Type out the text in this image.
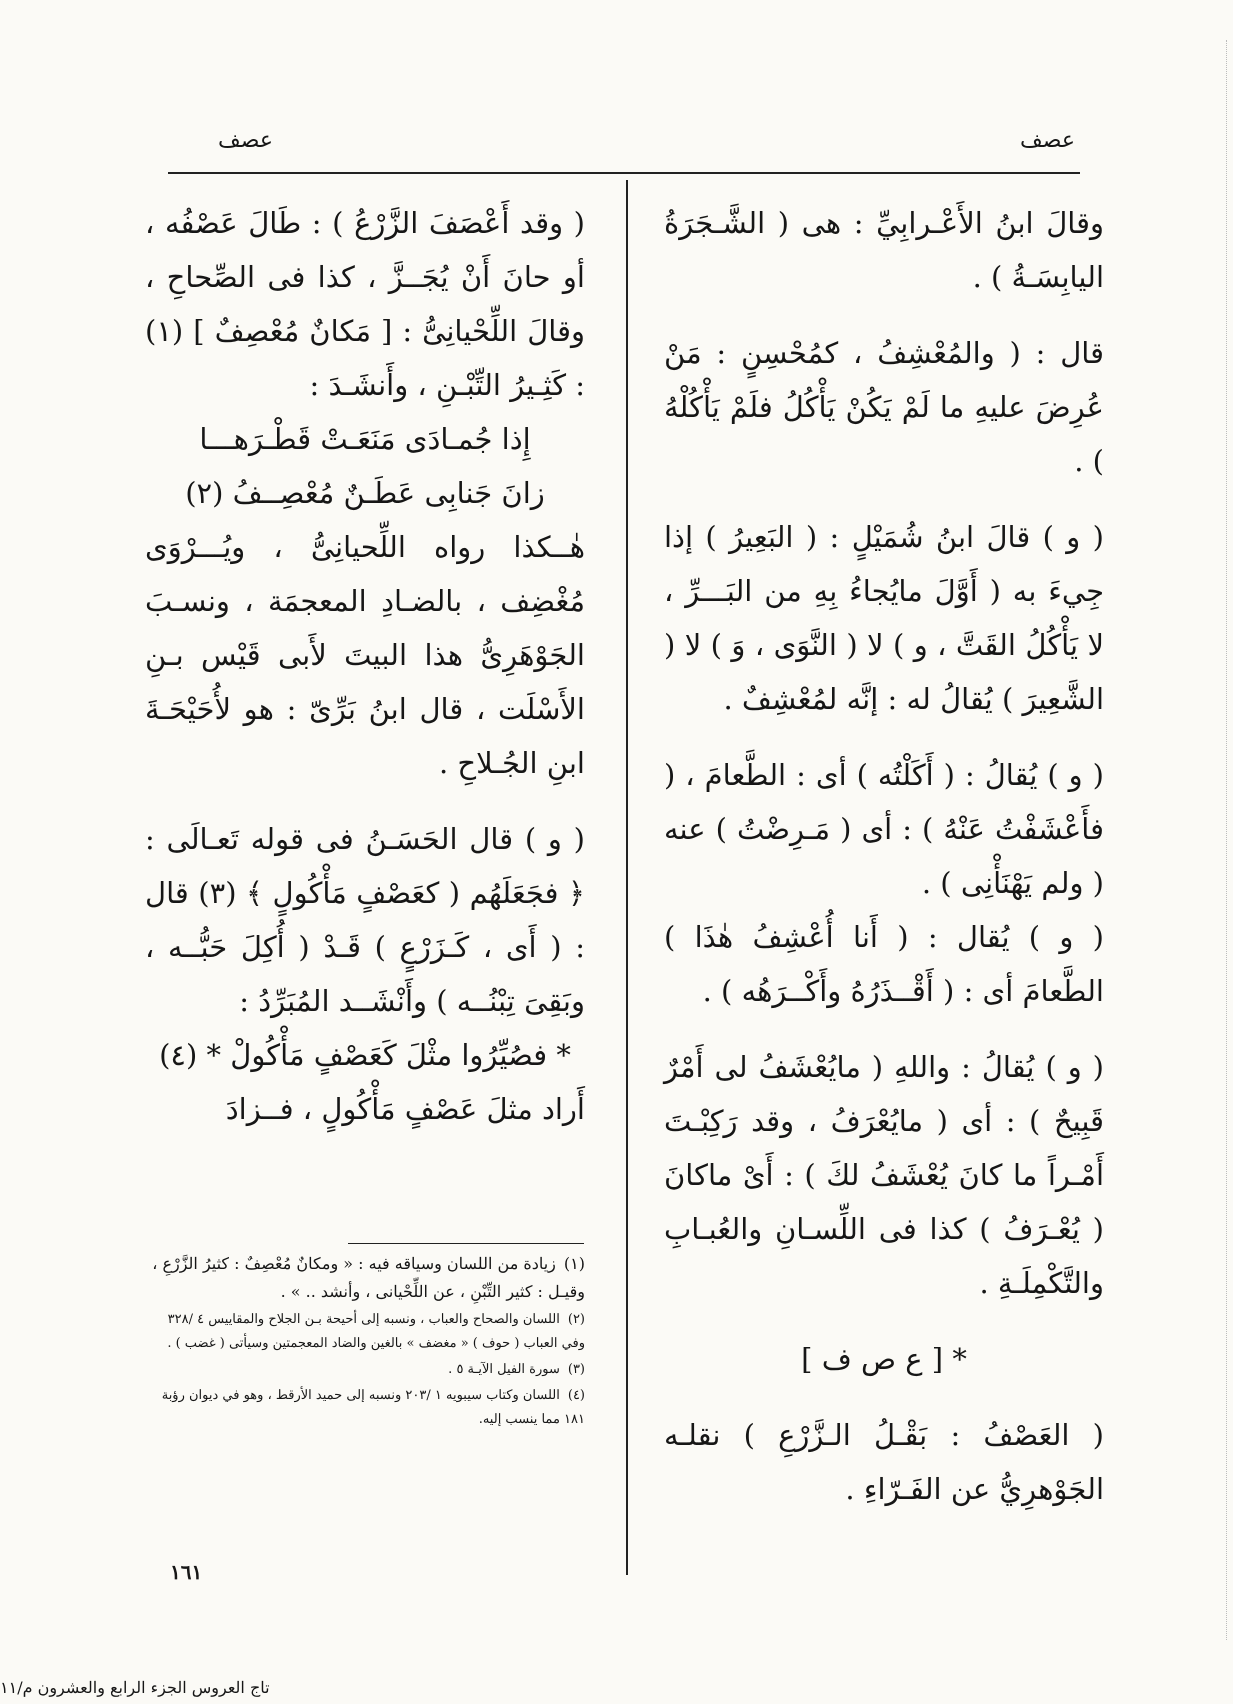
عصف
عصف

وقالَ ابنُ الأَعْـرابِيِّ : هى ( الشَّـجَرَةُ اليابِسَـةُ ) .

قال : ( والمُعْشِفُ ، كمُحْسِنٍ : مَنْ عُرِضَ عليهِ ما لَمْ يَكُنْ يَأْكُلُ فلَمْ يَأْكُلْهُ ) .

( و ) قالَ ابنُ شُمَيْلٍ : ( البَعِيرُ ) إذا جِيءَ به ( أَوَّلَ مايُجاءُ بِهِ من البَـــرِّ ، لا يَأْكُلُ القَتَّ ، و ) لا ( النَّوَى ، وَ ) لا ( الشَّعِيرَ ) يُقالُ له : إنَّه لمُعْشِفٌ .

( و ) يُقالُ : ( أَكَلْتُه ) أى : الطَّعامَ ، ( فأَعْشَفْتُ عَنْهُ ) : أى ( مَـرِضْتُ ) عنه ( ولم يَهْنَأْنِى ) .

( و ) يُقال : ( أَنا أُعْشِفُ هٰذَا ) الطَّعامَ أى : ( أَقْــذَرُهُ وأَكْــرَهُه ) .

( و ) يُقالُ : واللهِ ( مايُعْشَفُ لى أَمْرٌ قَبِيحٌ ) : أى ( مايُعْرَفُ ، وقد رَكِبْـتَ أَمْـراً ما كانَ يُعْشَفُ لكَ ) : أَىْ ماكانَ ( يُعْـرَفُ ) كذا فى اللِّسـانِ والعُبـابِ والتَّكْمِلَـةِ .

* [ ع ص ف ]

( العَصْفُ : بَقْـلُ الـزَّرْعِ ) نقلـه الجَوْهرِيُّ عن الفَـرّاءِ .

( وقد أَعْصَفَ الزَّرْعُ ) : طَالَ عَصْفُه ، أو حانَ أَنْ يُجَــزَّ ، كذا فى الصِّحاحِ ، وقالَ اللِّحْيانِىُّ : [ مَكانٌ مُعْصِفٌ ] (١) : كَثِـيرُ التِّبْـنِ ، وأَنشَـدَ :

إِذا جُمـادَى مَنَعَـتْ قَطْـرَهـــا

زانَ جَنابِى عَطَـنٌ مُعْصِــفُ (٢)

هٰــكذا رواه اللِّحيانِىُّ ، ويُـــرْوَى مُغْضِف ، بالضـادِ المعجمَة ، ونسـبَ الجَوْهَرِىُّ هذا البيتَ لأَبى قَيْس بـنِ الأَسْلَت ، قال ابنُ بَرِّىّ : هو لأُحَيْحَـةَ ابنِ الجُـلاحِ .

( و ) قال الحَسَـنُ فى قوله تَعـالَى : ﴿ فجَعَلَهُم ( كعَصْفٍ مَأْكُولٍ ﴾ (٣) قال : ( أَى ، كَـزَرْعٍ ) قَـدْ ( أُكِلَ حَبُّــه ، وبَقِىَ تِبْنُــه ) وأَنْشَــد المُبَرِّدُ :

* فصُيِّرُوا مثْلَ كَعَصْفٍ مَأْكُولْ * (٤)

أَراد مثلَ عَصْفٍ مَأْكُولٍ ، فــزادَ

(١)زيادة من اللسان وسياقه فيه : « ومكانٌ مُعْصِفٌ : كثيرُ الزَّرْعِ ، وقيـل : كثير التِّبْنِ ، عن اللِّحْيانى ، وأنشد .. » .

(٢)اللسان والصحاح والعباب ، ونسبه إلى أحيحة بـن الجلاح والمقاييس ٤ /٣٢٨ وفي العباب ( حوف ) « مغضف » بالغين والضاد المعجمتين وسيأتى ( غضب ) .

(٣)سورة الفيل الآيـة ٥ .

(٤)اللسان وكتاب سيبويه ١ /٢٠٣ ونسبه إلى حميد الأرقط ، وهو في ديوان رؤبة ١٨١ مما ينسب إليه.

١٦١
تاج العروس الجزء الرابع والعشرون م/١١
